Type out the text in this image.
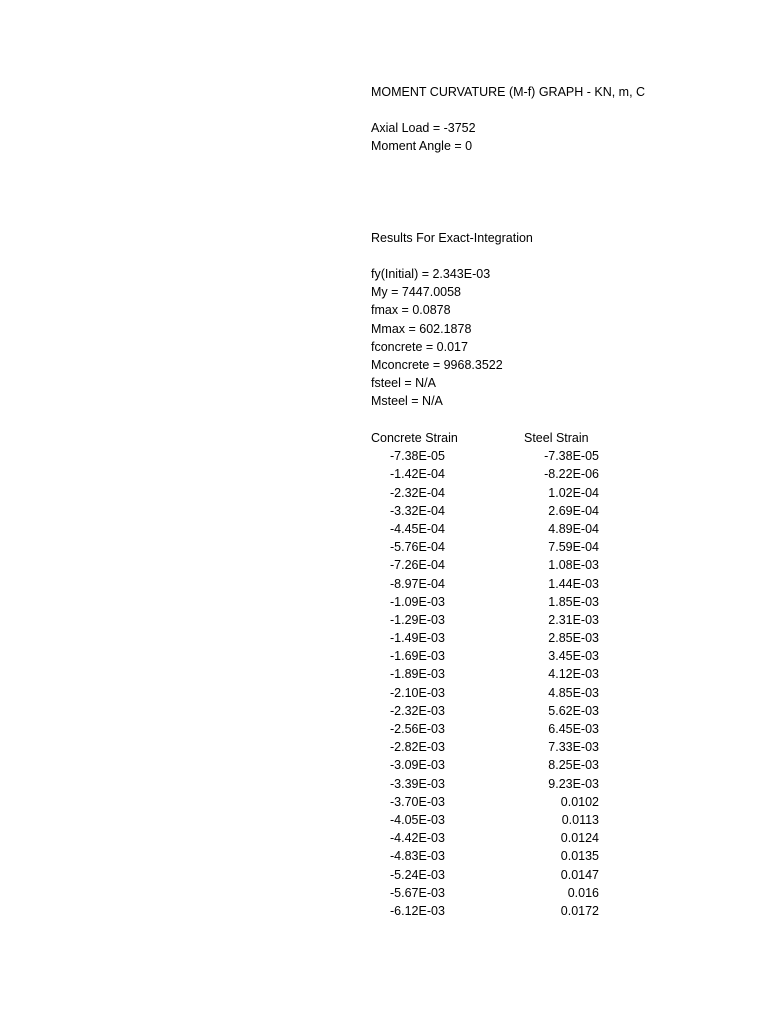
MOMENT CURVATURE (M-f) GRAPH - KN, m, C
Axial Load = -3752
Moment Angle = 0
Results For Exact-Integration
fy(Initial) = 2.343E-03
My = 7447.0058
fmax = 0.0878
Mmax = 602.1878
fconcrete = 0.017
Mconcrete = 9968.3522
fsteel = N/A
Msteel = N/A
Concrete Strain	Steel Strain
-7.38E-05	-7.38E-05
-1.42E-04	-8.22E-06
-2.32E-04	1.02E-04
-3.32E-04	2.69E-04
-4.45E-04	4.89E-04
-5.76E-04	7.59E-04
-7.26E-04	1.08E-03
-8.97E-04	1.44E-03
-1.09E-03	1.85E-03
-1.29E-03	2.31E-03
-1.49E-03	2.85E-03
-1.69E-03	3.45E-03
-1.89E-03	4.12E-03
-2.10E-03	4.85E-03
-2.32E-03	5.62E-03
-2.56E-03	6.45E-03
-2.82E-03	7.33E-03
-3.09E-03	8.25E-03
-3.39E-03	9.23E-03
-3.70E-03	0.0102
-4.05E-03	0.0113
-4.42E-03	0.0124
-4.83E-03	0.0135
-5.24E-03	0.0147
-5.67E-03	0.016
-6.12E-03	0.0172
